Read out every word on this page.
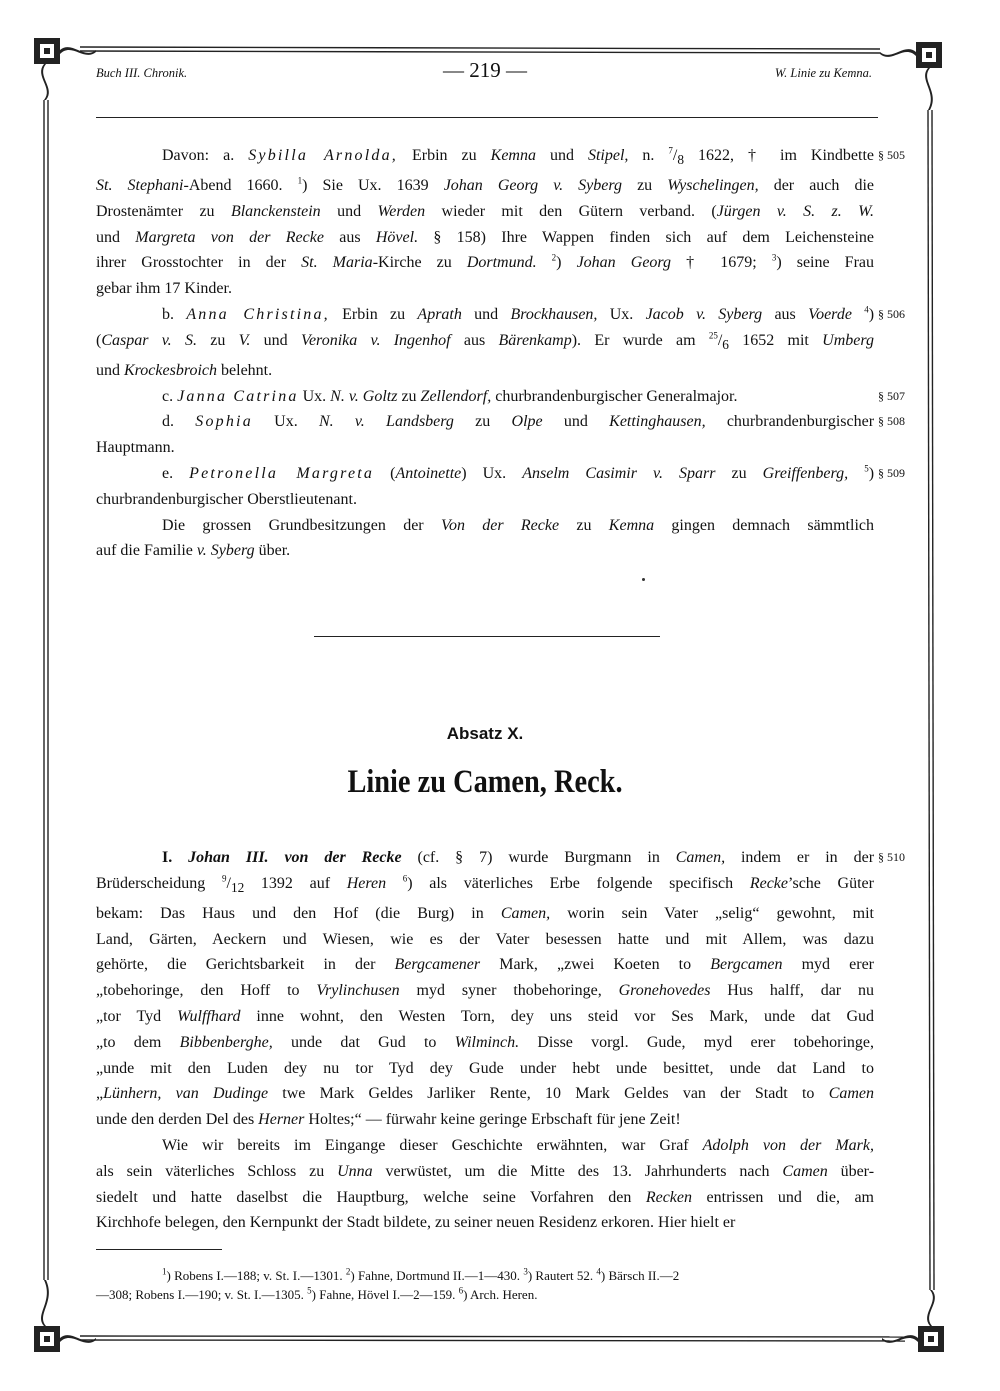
Buch III. Chronik.	— 219 —	W. Linie zu Kemna.

Davon: a. Sybilla Arnolda, Erbin zu Kemna und Stipel, n. $^7/_8$ 1622, † im Kindbette § 505

St. Stephani-Abend 1660. $^1$) Sie Ux. 1639 Johan Georg v. Syberg zu Wyschelingen, der auch die

Drostenämter zu Blanckenstein und Werden wieder mit den Gütern verband. (Jürgen v. S. z. W.

und Margreta von der Recke aus Hövel. § 158) Ihre Wappen finden sich auf dem Leichensteine

ihrer Grosstochter in der St. Maria-Kirche zu Dortmund. $^2$) Johan Georg † 1679; $^3$) seine Frau

gebar ihm 17 Kinder.

b. Anna Christina, Erbin zu Aprath und Brockhausen, Ux. Jacob v. Syberg aus Voerde $^4$) § 506

(Caspar v. S. zu V. und Veronika v. Ingenhof aus Bärenkamp). Er wurde am $^{25}/_6$ 1652 mit Umberg

und Krockesbroich belehnt.

c. Janna Catrina Ux. N. v. Goltz zu Zellendorf, churbrandenburgischer Generalmajor.	§ 507

d. Sophia Ux. N. v. Landsberg zu Olpe und Kettinghausen, churbrandenburgischer § 508

Hauptmann.

e. Petronella Margreta (Antoinette) Ux. Anselm Casimir v. Sparr zu Greiffenberg, $^5$) § 509

churbrandenburgischer Oberstlieutenant.

Die grossen Grundbesitzungen der Von der Recke zu Kemna gingen demnach sämmtlich

auf die Familie v. Syberg über.

Absatz X.
Linie zu Camen, Reck.

I. Johan III. von der Recke (cf. § 7) wurde Burgmann in Camen, indem er in der § 510

Brüderscheidung $^9/_{12}$ 1392 auf Heren $^6$) als väterliches Erbe folgende specifisch Recke’sche Güter

bekam: Das Haus und den Hof (die Burg) in Camen, worin sein Vater „selig“ gewohnt, mit

Land, Gärten, Aeckern und Wiesen, wie es der Vater besessen hatte und mit Allem, was dazu

gehörte, die Gerichtsbarkeit in der Bergcamener Mark, „zwei Koeten to Bergcamen myd erer

„tobehoringe, den Hoff to Vrylinchusen myd syner thobehoringe, Gronehovedes Hus halff, dar nu

„tor Tyd Wulffhard inne wohnt, den Westen Torn, dey uns steid vor Ses Mark, unde dat Gud

„to dem Bibbenberghe, unde dat Gud to Wilminch. Disse vorgl. Gude, myd erer tobehoringe,

„unde mit den Luden dey nu tor Tyd dey Gude under hebt unde besittet, unde dat Land to

„Lünhern, van Dudinge twe Mark Geldes Jarliker Rente, 10 Mark Geldes van der Stadt to Camen

unde den derden Del des Herner Holtes;“ — fürwahr keine geringe Erbschaft für jene Zeit!

Wie wir bereits im Eingange dieser Geschichte erwähnten, war Graf Adolph von der Mark,

als sein väterliches Schloss zu Unna verwüstet, um die Mitte des 13. Jahrhunderts nach Camen über-

siedelt und hatte daselbst die Hauptburg, welche seine Vorfahren den Recken entrissen und die, am

Kirchhofe belegen, den Kernpunkt der Stadt bildete, zu seiner neuen Residenz erkoren. Hier hielt er

$^1$) Robens I.—188; v. St. I.—1301. $^2$) Fahne, Dortmund II.—1—430. $^3$) Rautert 52. $^4$) Bärsch II.—2

—308; Robens I.—190; v. St. I.—1305. $^5$) Fahne, Hövel I.—2—159. $^6$) Arch. Heren.
